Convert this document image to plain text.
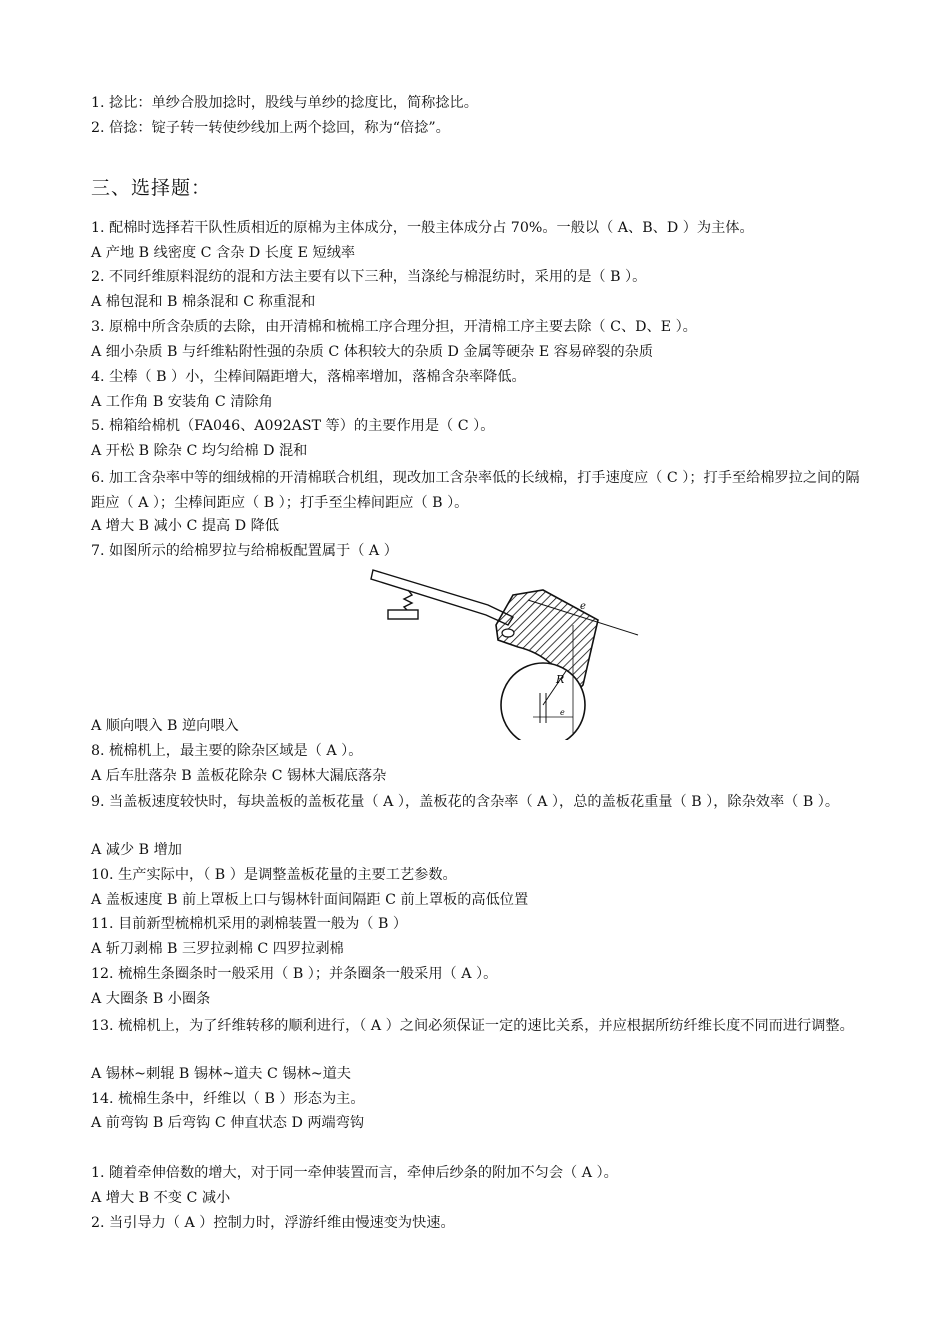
1. 捻比：单纱合股加捻时，股线与单纱的捻度比，简称捻比。
2. 倍捻：锭子转一转使纱线加上两个捻回，称为“倍捻”。
三、选择题：
1. 配棉时选择若干队性质相近的原棉为主体成分，一般主体成分占 70%。一般以（ A、B、D ）为主体。
A 产地 B 线密度 C 含杂 D 长度 E 短绒率
2. 不同纤维原料混纺的混和方法主要有以下三种，当涤纶与棉混纺时，采用的是（ B ）。
A 棉包混和 B 棉条混和 C 称重混和
3. 原棉中所含杂质的去除，由开清棉和梳棉工序合理分担，开清棉工序主要去除（ C、D、E ）。
A 细小杂质 B 与纤维粘附性强的杂质 C 体积较大的杂质 D 金属等硬杂 E 容易碎裂的杂质
4. 尘棒（ B ）小，尘棒间隔距增大，落棉率增加，落棉含杂率降低。
A 工作角 B 安装角 C 清除角
5. 棉箱给棉机（FA046、A092AST 等）的主要作用是（ C ）。
A 开松 B 除杂 C 均匀给棉 D 混和
6. 加工含杂率中等的细绒棉的开清棉联合机组，现改加工含杂率低的长绒棉，打手速度应（ C ）；打手至给棉罗拉之间的隔距应（ A ）；尘棒间距应（ B ）；打手至尘棒间距应（ B ）。
A 增大 B 减小 C 提高 D 降低
7. 如图所示的给棉罗拉与给棉板配置属于（ A ）
e
R
e
A 顺向喂入 B 逆向喂入
8. 梳棉机上，最主要的除杂区域是（ A ）。
A 后车肚落杂 B 盖板花除杂 C 锡林大漏底落杂
9. 当盖板速度较快时，每块盖板的盖板花量（ A ），盖板花的含杂率（ A ），总的盖板花重量（ B ），除杂效率（ B ）。
A 减少 B 增加
10. 生产实际中，（ B ）是调整盖板花量的主要工艺参数。
A 盖板速度 B 前上罩板上口与锡林针面间隔距 C 前上罩板的高低位置
11. 目前新型梳棉机采用的剥棉装置一般为（ B ）
A 斩刀剥棉 B 三罗拉剥棉 C 四罗拉剥棉
12. 梳棉生条圈条时一般采用（ B ）；并条圈条一般采用（ A ）。
A 大圈条 B 小圈条
13. 梳棉机上，为了纤维转移的顺利进行，（ A ）之间必须保证一定的速比关系，并应根据所纺纤维长度不同而进行调整。
A 锡林~刺辊 B 锡林~道夫 C 锡林~道夫
14. 梳棉生条中，纤维以（ B ）形态为主。
A 前弯钩 B 后弯钩 C 伸直状态 D 两端弯钩
1. 随着牵伸倍数的增大，对于同一牵伸装置而言，牵伸后纱条的附加不匀会（ A ）。
A 增大 B 不变 C 减小
2. 当引导力（ A ）控制力时，浮游纤维由慢速变为快速。
